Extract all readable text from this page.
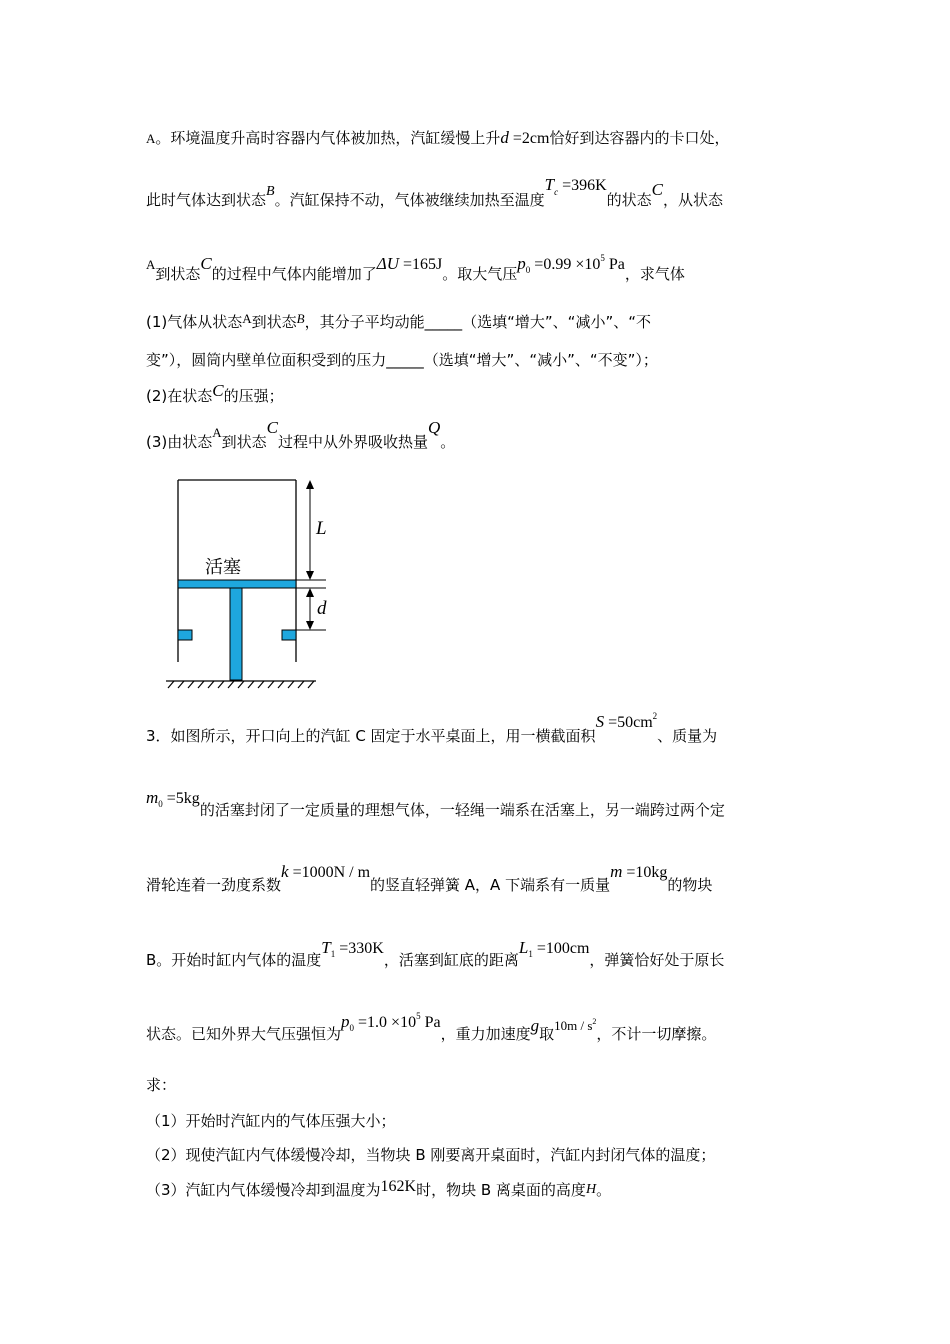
A。环境温度升高时容器内气体被加热，汽缸缓慢上升d =2cm恰好到达容器内的卡口处，
此时气体达到状态B。汽缸保持不动，气体被继续加热至温度$T^c =396K$的状态C，从状态
A到状态C的过程中气体内能增加了ΔU =165J。取大气压$p^0 =0.99 \times 10^5$ Pa，求气体
(1)气体从状态A到状态B，其分子平均动能_____（选填“增大”、“减小”、“不
变”），圆筒内壁单位面积受到的压力_____（选填“增大”、“减小”、“不变”）；
(2)在状态C的压强；
(3)由状态A到状态C过程中从外界吸收热量Q。
活塞
L
d
3．如图所示，开口向上的汽缸 C 固定于水平桌面上，用一横截面积$S =50cm^2$、质量为
$m^0 =5kg$的活塞封闭了一定质量的理想气体，一轻绳一端系在活塞上，另一端跨过两个定
滑轮连着一劲度系数k =1000N / m的竖直轻弹簧 A，A 下端系有一质量m =10kg的物块
B。开始时缸内气体的温度$T^1 =330K$，活塞到缸底的距离$L^1 =100cm$，弹簧恰好处于原长
状态。已知外界大气压强恒为$p^0 =1.0 \times 10^5$ Pa，重力加速度g取$10m / s^2$，不计一切摩擦。
求：
（1）开始时汽缸内的气体压强大小；
（2）现使汽缸内气体缓慢冷却，当物块 B 刚要离开桌面时，汽缸内封闭气体的温度；
（3）汽缸内气体缓慢冷却到温度为162K时，物块 B 离桌面的高度H。
